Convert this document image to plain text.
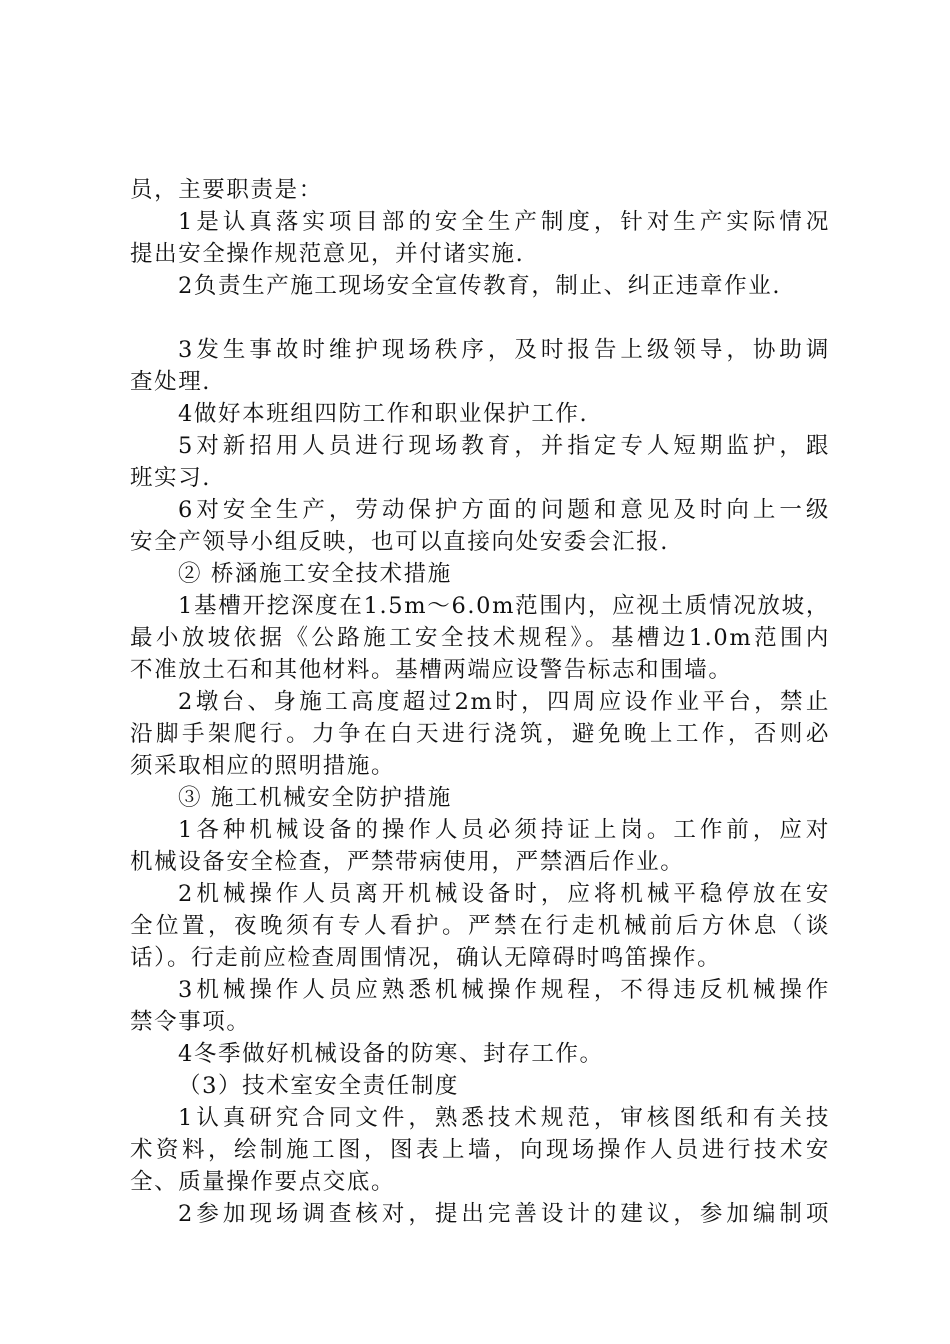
员，主要职责是：
1是认真落实项目部的安全生产制度，针对生产实际情况
提出安全操作规范意见，并付诸实施.
2负责生产施工现场安全宣传教育，制止、纠正违章作业.
3发生事故时维护现场秩序，及时报告上级领导，协助调
查处理.
4做好本班组四防工作和职业保护工作.
5对新招用人员进行现场教育，并指定专人短期监护，跟
班实习.
6对安全生产，劳动保护方面的问题和意见及时向上一级
安全产领导小组反映，也可以直接向处安委会汇报.
② 桥涵施工安全技术措施
1基槽开挖深度在1.5m～6.0m范围内，应视土质情况放坡，
最小放坡依据《公路施工安全技术规程》。基槽边1.0m范围内
不准放土石和其他材料。基槽两端应设警告标志和围墙。
2墩台、身施工高度超过2m时，四周应设作业平台，禁止
沿脚手架爬行。力争在白天进行浇筑，避免晚上工作，否则必
须采取相应的照明措施。
③ 施工机械安全防护措施
1各种机械设备的操作人员必须持证上岗。工作前，应对
机械设备安全检查，严禁带病使用，严禁酒后作业。
2机械操作人员离开机械设备时，应将机械平稳停放在安
全位置，夜晚须有专人看护。严禁在行走机械前后方休息（谈
话）。行走前应检查周围情况，确认无障碍时鸣笛操作。
3机械操作人员应熟悉机械操作规程，不得违反机械操作
禁令事项。
4冬季做好机械设备的防寒、封存工作。
（3）技术室安全责任制度
1认真研究合同文件，熟悉技术规范，审核图纸和有关技
术资料，绘制施工图，图表上墙，向现场操作人员进行技术安
全、质量操作要点交底。
2参加现场调查核对，提出完善设计的建议，参加编制项
